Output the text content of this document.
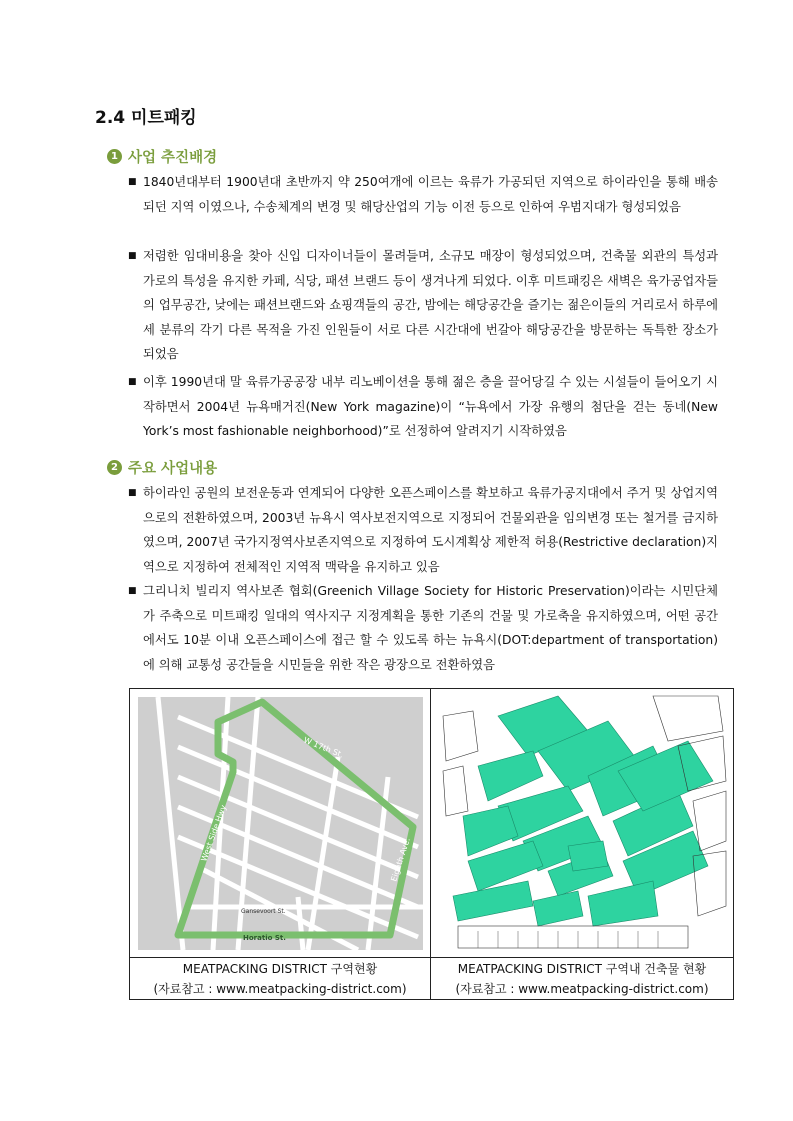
2.4 미트패킹
1 사업 추진배경
■ 1840년대부터 1900년대 초반까지 약 250여개에 이르는 육류가 가공되던 지역으로 하이라인을 통해 배송되던 지역 이였으나, 수송체계의 변경 및 해당산업의 기능 이전 등으로 인하여 우범지대가 형성되었음
■ 저렴한 임대비용을 찾아 신입 디자이너들이 몰려들며, 소규모 매장이 형성되었으며, 건축물 외관의 특성과 가로의 특성을 유지한 카페, 식당, 패션 브랜드 등이 생겨나게 되었다. 이후 미트패킹은 새벽은 육가공업자들의 업무공간, 낮에는 패션브랜드와 쇼핑객들의 공간, 밤에는 해당공간을 즐기는 젊은이들의 거리로서 하루에 세 분류의 각기 다른 목적을 가진 인원들이 서로 다른 시간대에 번갈아 해당공간을 방문하는 독특한 장소가 되었음
■ 이후 1990년대 말 육류가공공장 내부 리노베이션을 통해 젊은 층을 끌어당길 수 있는 시설들이 들어오기 시작하면서 2004년 뉴욕매거진(New York magazine)이 “뉴욕에서 가장 유행의 첨단을 걷는 동네(New York’s most fashionable neighborhood)”로 선정하여 알려지기 시작하였음
2 주요 사업내용
■ 하이라인 공원의 보전운동과 연계되어 다양한 오픈스페이스를 확보하고 육류가공지대에서 주거 및 상업지역으로의 전환하였으며, 2003년 뉴욕시 역사보전지역으로 지정되어 건물외관을 임의변경 또는 철거를 금지하였으며, 2007년 국가지정역사보존지역으로 지정하여 도시계획상 제한적 허용(Restrictive declaration)지역으로 지정하여 전체적인 지역적 맥락을 유지하고 있음
■ 그리니치 빌리지 역사보존 협회(Greenich Village Society for Historic Preservation)이라는 시민단체가 주축으로 미트패킹 일대의 역사지구 지정계획을 통한 기존의 건물 및 가로축을 유지하였으며, 어떤 공간에서도 10분 이내 오픈스페이스에 접근 할 수 있도록 하는 뉴욕시(DOT:department of transportation)에 의해 교통성 공간들을 시민들을 위한 작은 광장으로 전환하였음
W 17th St.
West Side Hwy	Eighth Ave.
Gansevoort St.
Horatio St.
MEATPACKING DISTRICT 구역현황
(자료참고 : www.meatpacking-district.com)
MEATPACKING DISTRICT 구역내 건축물 현황
(자료참고 : www.meatpacking-district.com)
